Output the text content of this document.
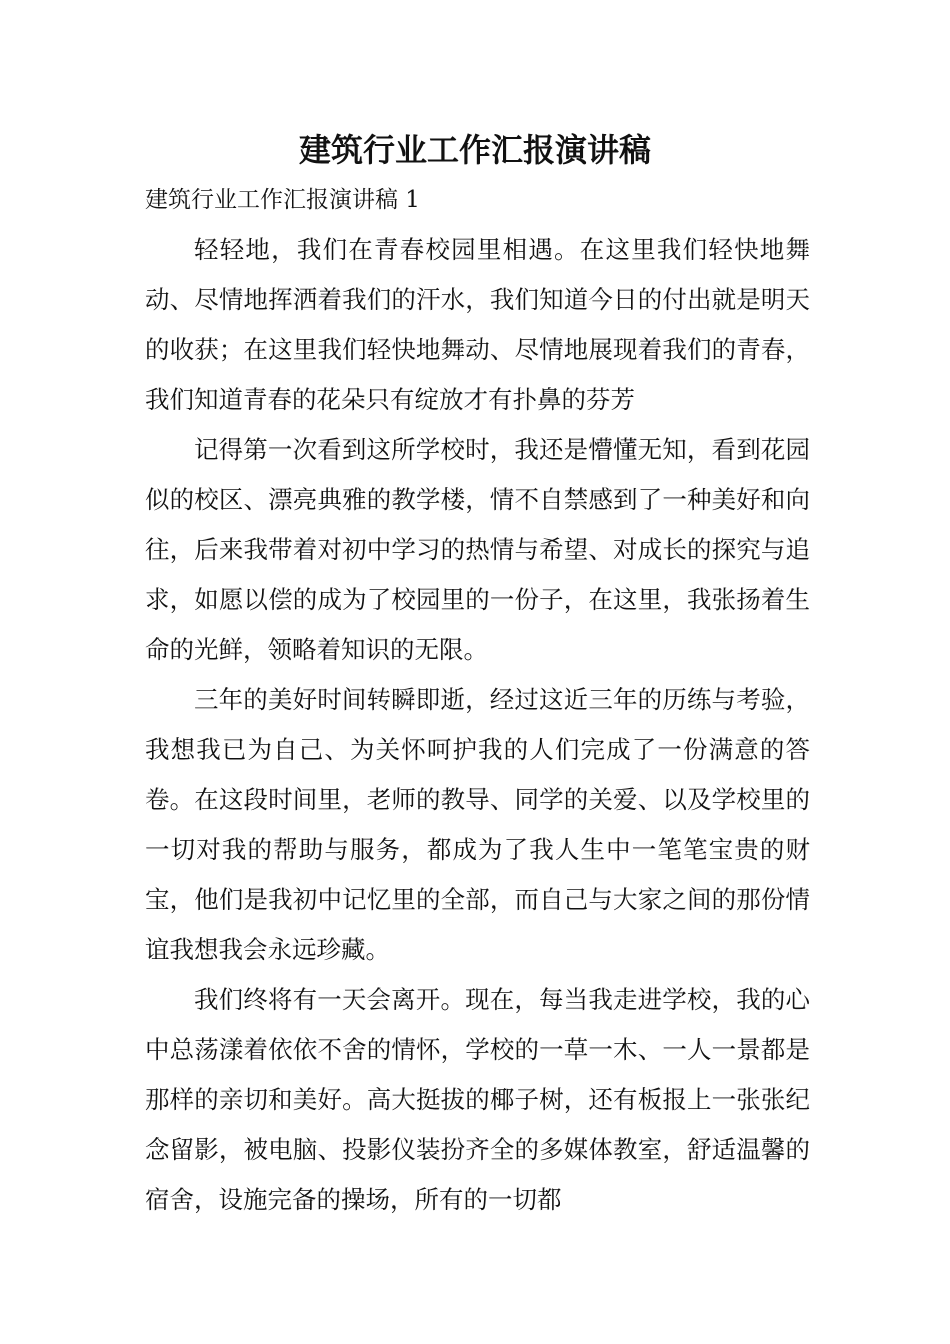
建筑行业工作汇报演讲稿

建筑行业工作汇报演讲稿 1

轻轻地，我们在青春校园里相遇。在这里我们轻快地舞动、尽情地挥洒着我们的汗水，我们知道今日的付出就是明天的收获；在这里我们轻快地舞动、尽情地展现着我们的青春，我们知道青春的花朵只有绽放才有扑鼻的芬芳

记得第一次看到这所学校时，我还是懵懂无知，看到花园似的校区、漂亮典雅的教学楼，情不自禁感到了一种美好和向往，后来我带着对初中学习的热情与希望、对成长的探究与追求，如愿以偿的成为了校园里的一份子，在这里，我张扬着生命的光鲜，领略着知识的无限。

三年的美好时间转瞬即逝，经过这近三年的历练与考验，我想我已为自己、为关怀呵护我的人们完成了一份满意的答卷。在这段时间里，老师的教导、同学的关爱、以及学校里的一切对我的帮助与服务，都成为了我人生中一笔笔宝贵的财宝，他们是我初中记忆里的全部，而自己与大家之间的那份情谊我想我会永远珍藏。

我们终将有一天会离开。现在，每当我走进学校，我的心中总荡漾着依依不舍的情怀，学校的一草一木、一人一景都是那样的亲切和美好。高大挺拔的椰子树，还有板报上一张张纪念留影，被电脑、投影仪装扮齐全的多媒体教室，舒适温馨的宿舍，设施完备的操场，所有的一切都
